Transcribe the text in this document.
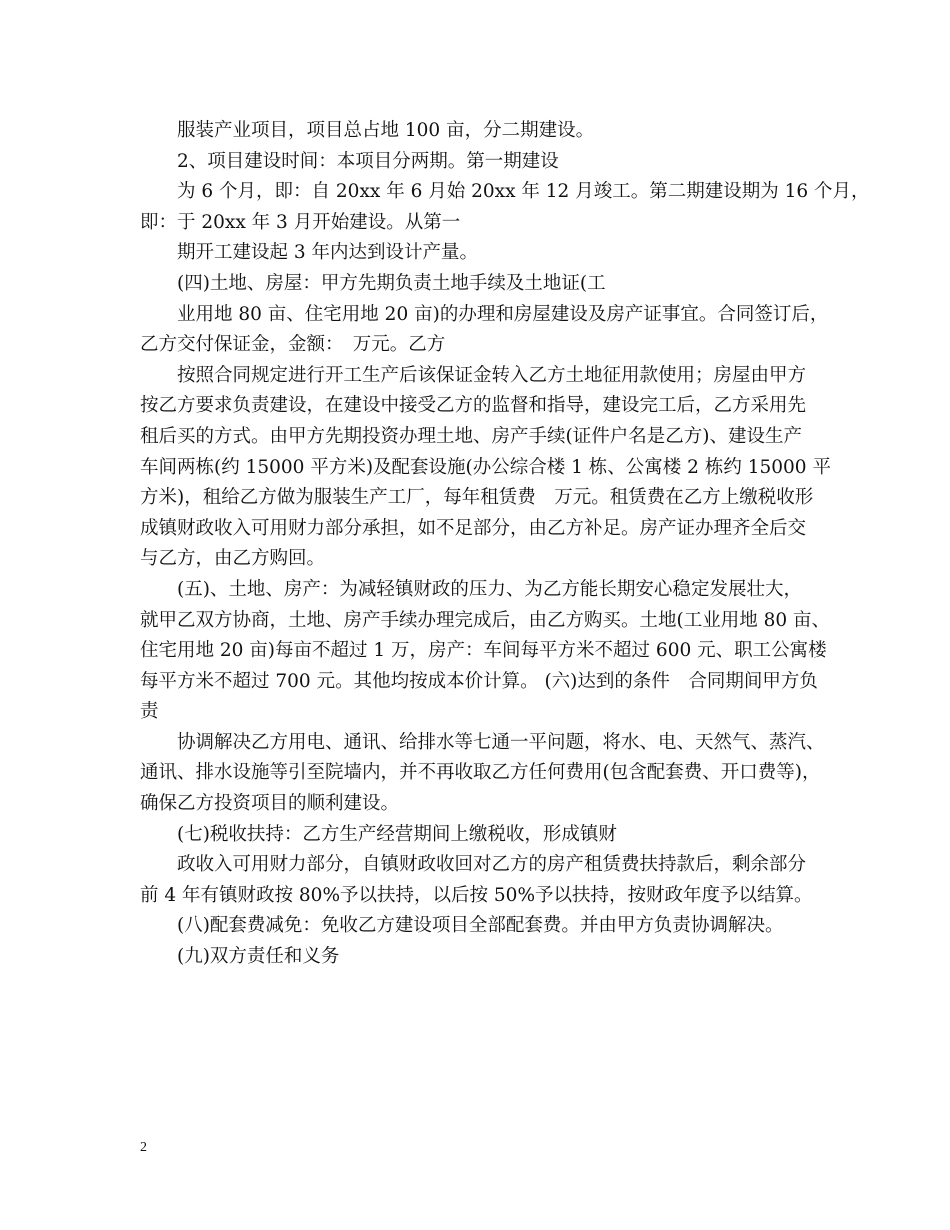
服装产业项目，项目总占地 100 亩，分二期建设。
2、项目建设时间：本项目分两期。第一期建设
为 6 个月，即：自 20xx 年 6 月始 20xx 年 12 月竣工。第二期建设期为 16 个月，
即：于 20xx 年 3 月开始建设。从第一
期开工建设起 3 年内达到设计产量。
(四)土地、房屋：甲方先期负责土地手续及土地证(工
业用地 80 亩、住宅用地 20 亩)的办理和房屋建设及房产证事宜。合同签订后，
乙方交付保证金，金额：　万元。乙方
按照合同规定进行开工生产后该保证金转入乙方土地征用款使用；房屋由甲方
按乙方要求负责建设，在建设中接受乙方的监督和指导，建设完工后，乙方采用先
租后买的方式。由甲方先期投资办理土地、房产手续(证件户名是乙方)、建设生产
车间两栋(约 15000 平方米)及配套设施(办公综合楼 1 栋、公寓楼 2 栋约 15000 平
方米)，租给乙方做为服装生产工厂，每年租赁费　万元。租赁费在乙方上缴税收形
成镇财政收入可用财力部分承担，如不足部分，由乙方补足。房产证办理齐全后交
与乙方，由乙方购回。
(五)、土地、房产：为减轻镇财政的压力、为乙方能长期安心稳定发展壮大，
就甲乙双方协商，土地、房产手续办理完成后，由乙方购买。土地(工业用地 80 亩、
住宅用地 20 亩)每亩不超过 1 万，房产：车间每平方米不超过 600 元、职工公寓楼
每平方米不超过 700 元。其他均按成本价计算。 (六)达到的条件　合同期间甲方负
责
协调解决乙方用电、通讯、给排水等七通一平问题，将水、电、天然气、蒸汽、
通讯、排水设施等引至院墙内，并不再收取乙方任何费用(包含配套费、开口费等)，
确保乙方投资项目的顺利建设。
(七)税收扶持：乙方生产经营期间上缴税收，形成镇财
政收入可用财力部分，自镇财政收回对乙方的房产租赁费扶持款后，剩余部分
前 4 年有镇财政按 80%予以扶持，以后按 50%予以扶持，按财政年度予以结算。
(八)配套费减免：免收乙方建设项目全部配套费。并由甲方负责协调解决。
(九)双方责任和义务
2
